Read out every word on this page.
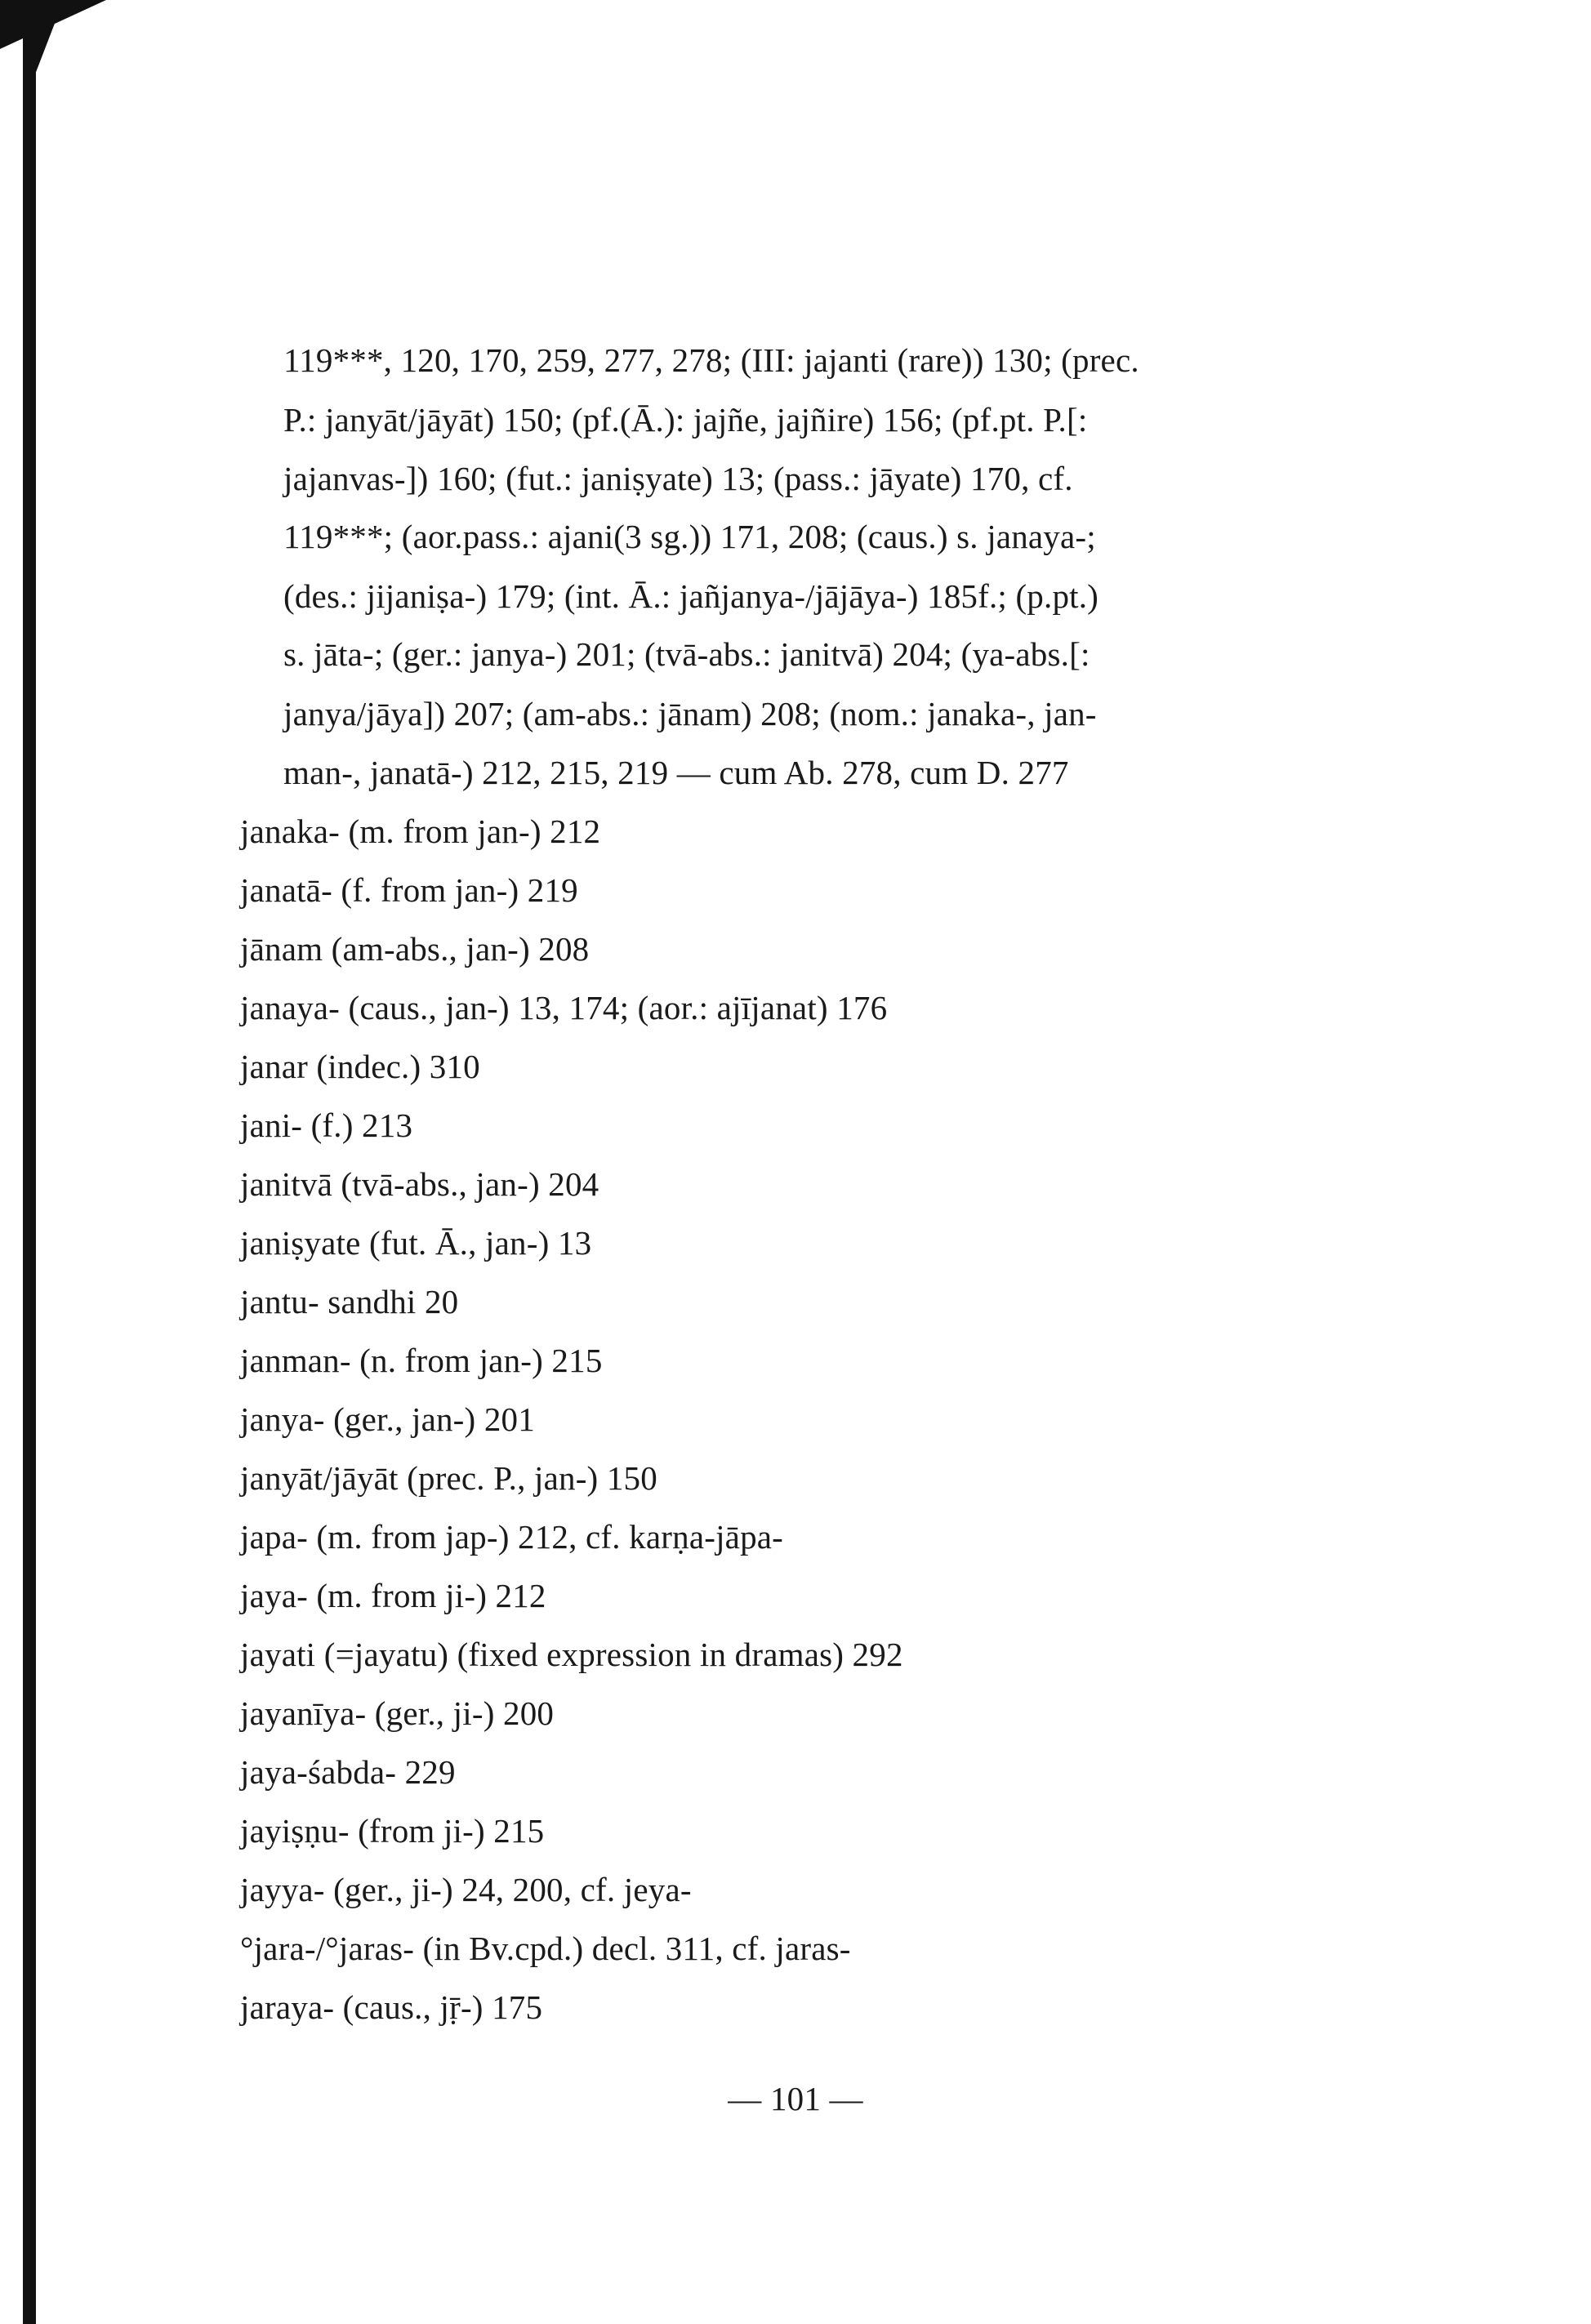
119***, 120, 170, 259, 277, 278; (III: jajanti (rare)) 130; (prec.
P.: janyāt/jāyāt) 150; (pf.(Ā.): jajñe, jajñire) 156; (pf.pt. P.[:
jajanvas-]) 160; (fut.: janiṣyate) 13; (pass.: jāyate) 170, cf.
119***; (aor.pass.: ajani(3 sg.)) 171, 208; (caus.) s. janaya-;
(des.: jijaniṣa-) 179; (int. Ā.: jañjanya-/jājāya-) 185f.; (p.pt.)
s. jāta-; (ger.: janya-) 201; (tvā-abs.: janitvā) 204; (ya-abs.[:
janya/jāya]) 207; (am-abs.: jānam) 208; (nom.: janaka-, jan-
man-, janatā-) 212, 215, 219 — cum Ab. 278, cum D. 277
janaka- (m. from jan-) 212
janatā- (f. from jan-) 219
jānam (am-abs., jan-) 208
janaya- (caus., jan-) 13, 174; (aor.: ajījanat) 176
janar (indec.) 310
jani- (f.) 213
janitvā (tvā-abs., jan-) 204
janiṣyate (fut. Ā., jan-) 13
jantu- sandhi 20
janman- (n. from jan-) 215
janya- (ger., jan-) 201
janyāt/jāyāt (prec. P., jan-) 150
japa- (m. from jap-) 212, cf. karṇa-jāpa-
jaya- (m. from ji-) 212
jayati (=jayatu) (fixed expression in dramas) 292
jayanīya- (ger., ji-) 200
jaya-śabda- 229
jayiṣṇu- (from ji-) 215
jayya- (ger., ji-) 24, 200, cf. jeya-
°jara-/°jaras- (in Bv.cpd.) decl. 311, cf. jaras-
jaraya- (caus., jṝ-) 175
— 101 —
